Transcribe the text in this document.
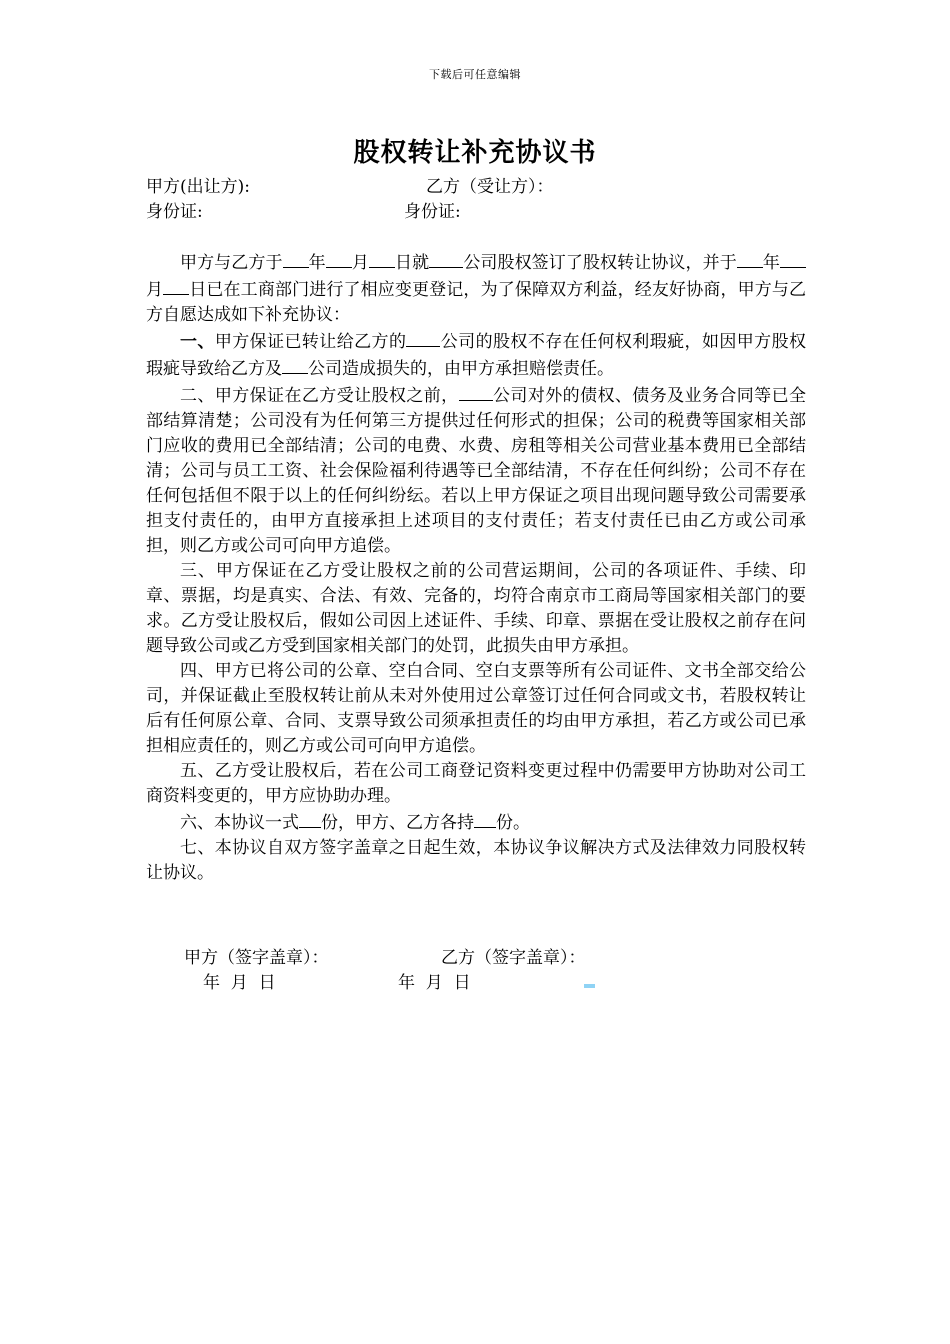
下载后可任意编辑
股权转让补充协议书
甲方(出让方):	乙方（受让方）：
身份证:	身份证:

甲方与乙方于 年 月 日就 公司股权签订了股权转让协议，并于 年月 日已在工商部门进行了相应变更登记，为了保障双方利益，经友好协商，甲方与乙方自愿达成如下补充协议：

一、甲方保证已转让给乙方的 公司的股权不存在任何权利瑕疵，如因甲方股权瑕疵导致给乙方及 公司造成损失的，由甲方承担赔偿责任。

二、甲方保证在乙方受让股权之前， 公司对外的债权、债务及业务合同等已全部结算清楚；公司没有为任何第三方提供过任何形式的担保；公司的税费等国家相关部门应收的费用已全部结清；公司的电费、水费、房租等相关公司营业基本费用已全部结清；公司与员工工资、社会保险福利待遇等已全部结清，不存在任何纠纷；公司不存在任何包括但不限于以上的任何纠纷纭。若以上甲方保证之项目出现问题导致公司需要承担支付责任的，由甲方直接承担上述项目的支付责任；若支付责任已由乙方或公司承担，则乙方或公司可向甲方追偿。

三、甲方保证在乙方受让股权之前的公司营运期间，公司的各项证件、手续、印章、票据，均是真实、合法、有效、完备的，均符合南京市工商局等国家相关部门的要求。乙方受让股权后，假如公司因上述证件、手续、印章、票据在受让股权之前存在问题导致公司或乙方受到国家相关部门的处罚，此损失由甲方承担。

四、甲方已将公司的公章、空白合同、空白支票等所有公司证件、文书全部交给公司，并保证截止至股权转让前从未对外使用过公章签订过任何合同或文书，若股权转让后有任何原公章、合同、支票导致公司须承担责任的均由甲方承担，若乙方或公司已承担相应责任的，则乙方或公司可向甲方追偿。

五、乙方受让股权后，若在公司工商登记资料变更过程中仍需要甲方协助对公司工商资料变更的，甲方应协助办理。

六、本协议一式 份，甲方、乙方各持 份。

七、本协议自双方签字盖章之日起生效，本协议争议解决方式及法律效力同股权转让协议。

甲方（签字盖章）：	乙方（签字盖章）：
年  月  日	年  月  日
